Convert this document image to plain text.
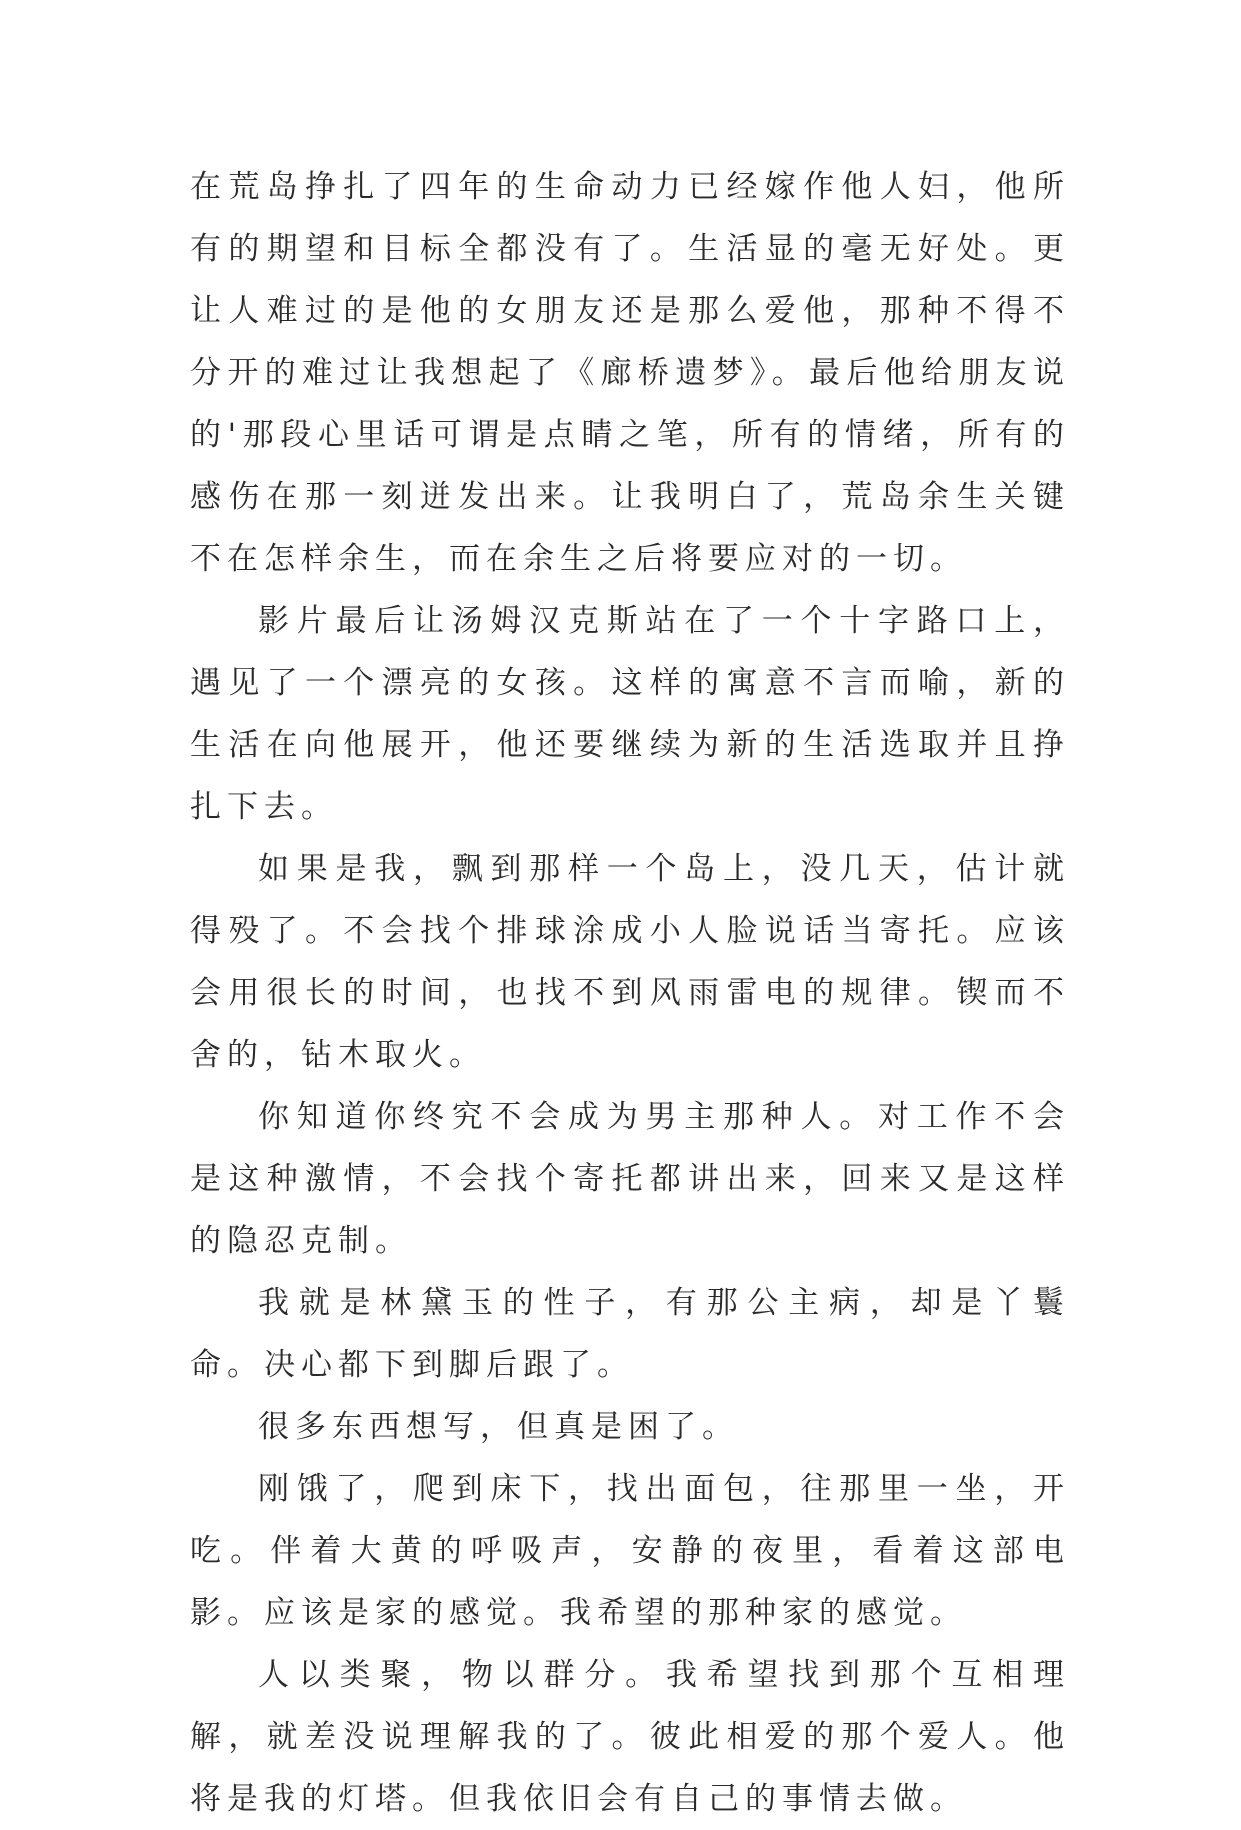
在荒岛挣扎了四年的生命动力已经嫁作他人妇，他所有的期望和目标全都没有了。生活显的毫无好处。更让人难过的是他的女朋友还是那么爱他，那种不得不分开的难过让我想起了《廊桥遗梦》。最后他给朋友说的'那段心里话可谓是点睛之笔，所有的情绪，所有的感伤在那一刻迸发出来。让我明白了，荒岛余生关键不在怎样余生，而在余生之后将要应对的一切。

影片最后让汤姆汉克斯站在了一个十字路口上，遇见了一个漂亮的女孩。这样的寓意不言而喻，新的生活在向他展开，他还要继续为新的生活选取并且挣扎下去。

如果是我，飘到那样一个岛上，没几天，估计就得殁了。不会找个排球涂成小人脸说话当寄托。应该会用很长的时间，也找不到风雨雷电的规律。锲而不舍的，钻木取火。

你知道你终究不会成为男主那种人。对工作不会是这种激情，不会找个寄托都讲出来，回来又是这样的隐忍克制。

我就是林黛玉的性子，有那公主病，却是丫鬟命。决心都下到脚后跟了。

很多东西想写，但真是困了。

刚饿了，爬到床下，找出面包，往那里一坐，开吃。伴着大黄的呼吸声，安静的夜里，看着这部电影。应该是家的感觉。我希望的那种家的感觉。

人以类聚，物以群分。我希望找到那个互相理解，就差没说理解我的了。彼此相爱的那个爱人。他将是我的灯塔。但我依旧会有自己的事情去做。
